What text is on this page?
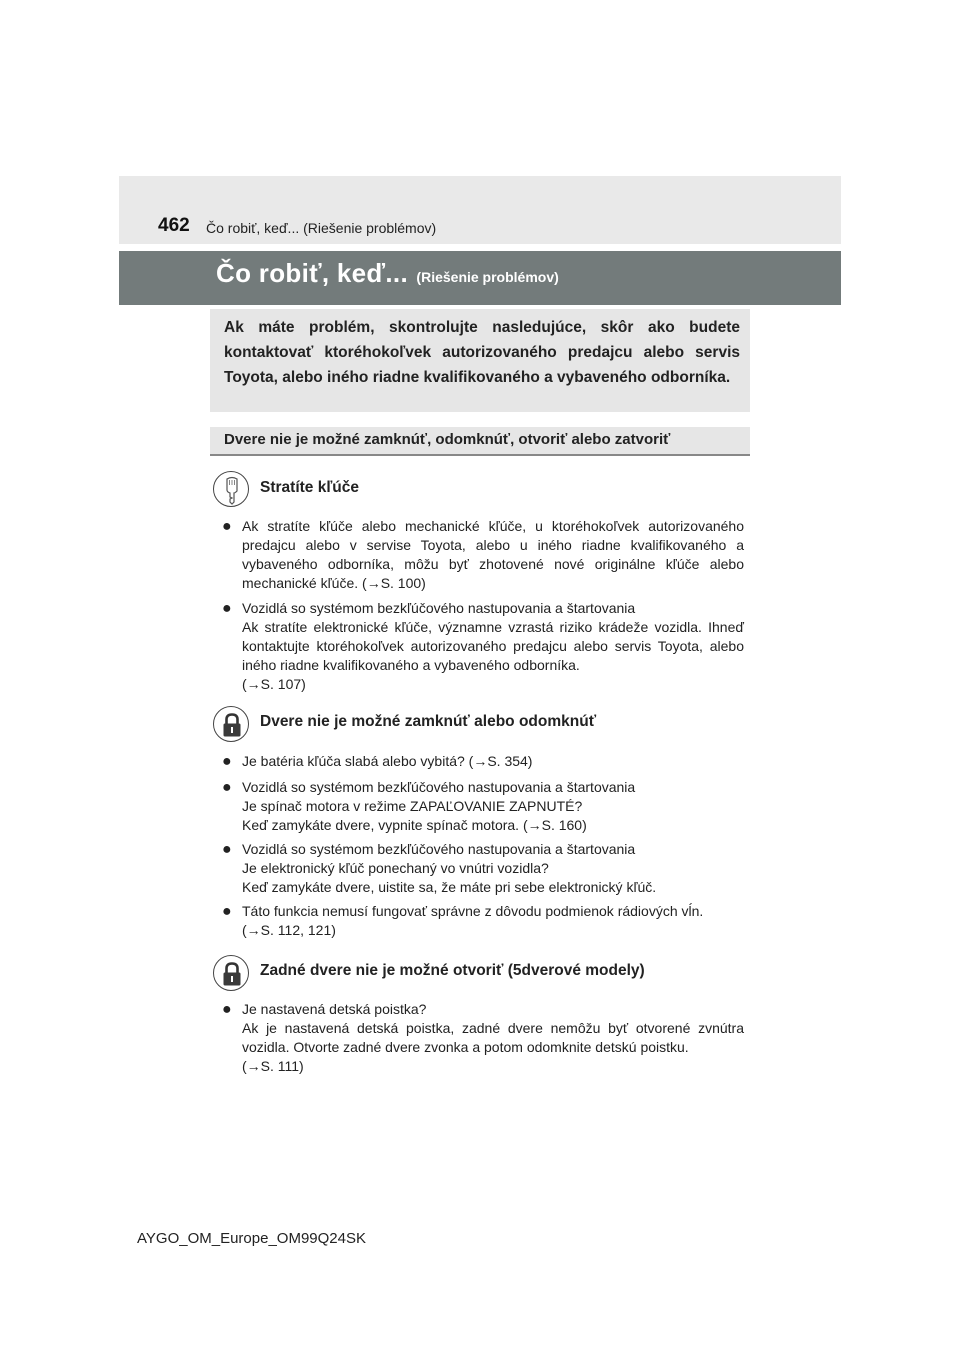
462 Čo robiť, keď... (Riešenie problémov)
Čo robiť, keď... (Riešenie problémov)

Ak máte problém, skontrolujte nasledujúce, skôr ako budete kontaktovať ktoréhokoľvek autorizovaného predajcu alebo servis Toyota, alebo iného riadne kvalifikovaného a vybaveného odborníka.

Dvere nie je možné zamknúť, odomknúť, otvoriť alebo zatvoriť
Stratíte kľúče
● Ak stratíte kľúče alebo mechanické kľúče, u ktoréhokoľvek autorizovaného predajcu alebo v servise Toyota, alebo u iného riadne kvalifikovaného a vybaveného odborníka, môžu byť zhotovené nové originálne kľúče alebo mechanické kľúče. (→S. 100)
● Vozidlá so systémom bezkľúčového nastupovania a štartovania
Ak stratíte elektronické kľúče, významne vzrastá riziko krádeže vozidla. Ihneď kontaktujte ktoréhokoľvek autorizovaného predajcu alebo servis Toyota, alebo iného riadne kvalifikovaného a vybaveného odborníka.
(→S. 107)
Dvere nie je možné zamknúť alebo odomknúť
● Je batéria kľúča slabá alebo vybitá? (→S. 354)
● Vozidlá so systémom bezkľúčového nastupovania a štartovania
Je spínač motora v režime ZAPAĽOVANIE ZAPNUTÉ?
Keď zamykáte dvere, vypnite spínač motora. (→S. 160)
● Vozidlá so systémom bezkľúčového nastupovania a štartovania
Je elektronický kľúč ponechaný vo vnútri vozidla?
Keď zamykáte dvere, uistite sa, že máte pri sebe elektronický kľúč.
● Táto funkcia nemusí fungovať správne z dôvodu podmienok rádiových vĺn.
(→S. 112, 121)
Zadné dvere nie je možné otvoriť (5dverové modely)
● Je nastavená detská poistka?
Ak je nastavená detská poistka, zadné dvere nemôžu byť otvorené zvnútra vozidla. Otvorte zadné dvere zvonka a potom odomknite detskú poistku.
(→S. 111)
AYGO_OM_Europe_OM99Q24SK
